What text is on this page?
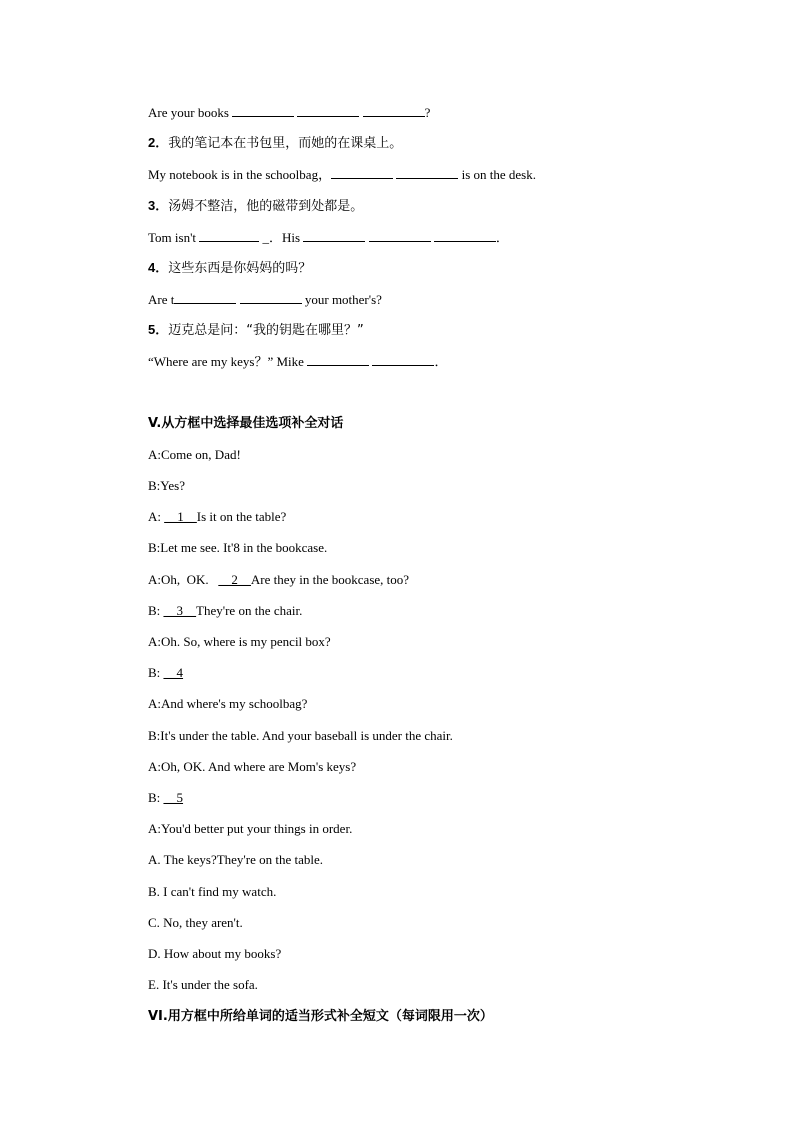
Are your books	?
2．我的笔记本在书包里，而她的在课桌上。
My notebook is in the schoolbag，	is on the desk.
3．汤姆不整洁，他的磁带到处都是。
Tom isn't	_．His	．
4．这些东西是你妈妈的吗？
Are t	your mother's?
5．迈克总是问：“我的钥匙在哪里？”
“Where are my keys？” Mike	．
V.从方框中选择最佳选项补全对话
A:Come on, Dad!
B:Yes?
A: __1__Is it on the table?
B:Let me see. It'8 in the bookcase.
A:Oh,  OK.   __2__Are they in the bookcase, too?
B: __3__They're on the chair.
A:Oh. So, where is my pencil box?
B: __4
A:And where's my schoolbag?
B:It's under the table. And your baseball is under the chair.
A:Oh, OK. And where are Mom's keys?
B: __5
A:You'd better put your things in order.
A. The keys?They're on the table.
B. I can't find my watch.
C. No, they aren't.
D. How about my books?
E. It's under the sofa.
VI.用方框中所给单词的适当形式补全短文（每词限用一次）
